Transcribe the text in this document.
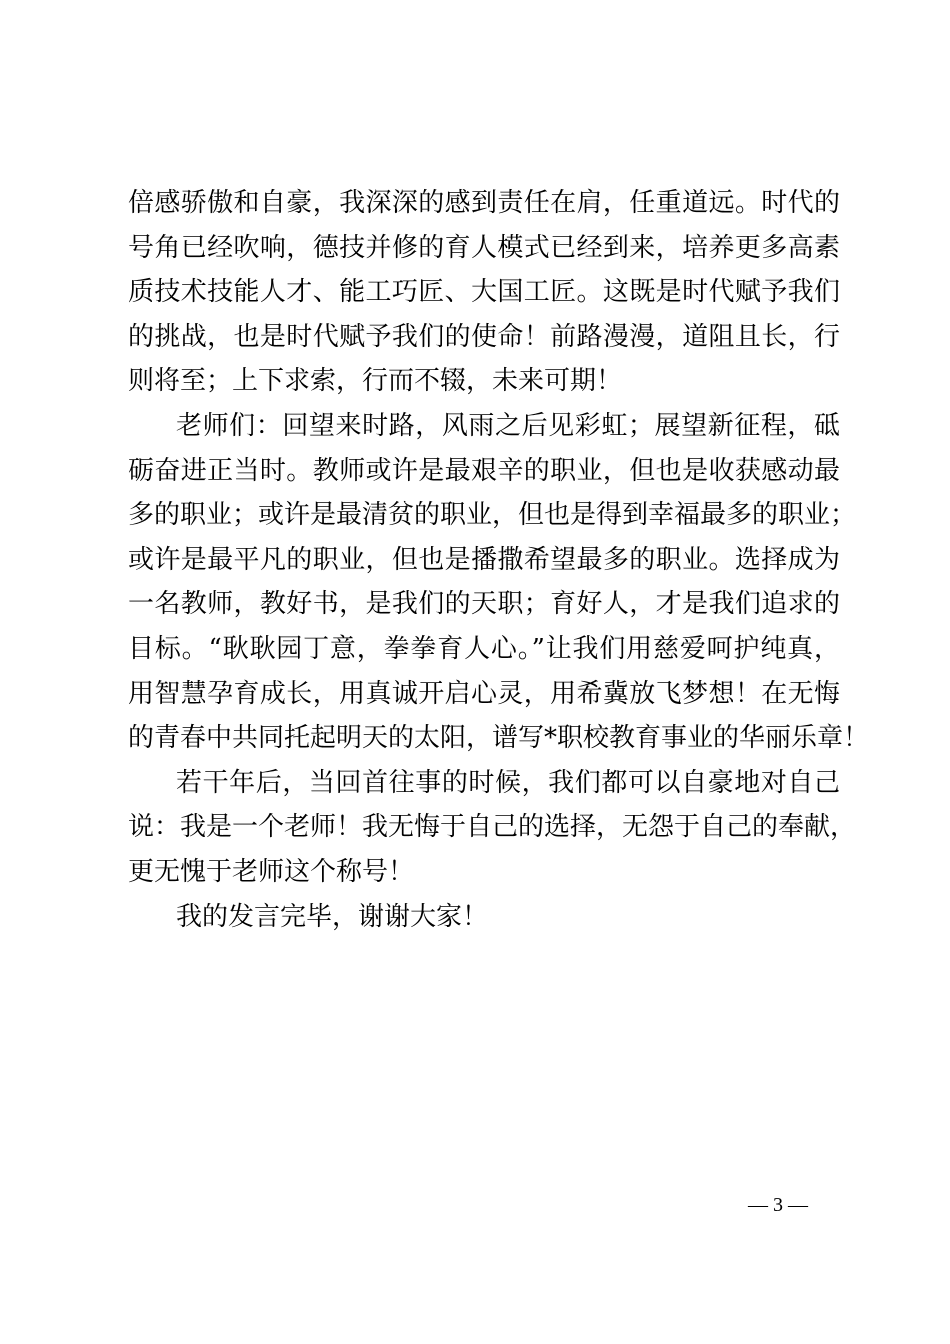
倍感骄傲和自豪，我深深的感到责任在肩，任重道远。时代的
号角已经吹响，德技并修的育人模式已经到来，培养更多高素
质技术技能人才、能工巧匠、大国工匠。这既是时代赋予我们
的挑战，也是时代赋予我们的使命！前路漫漫，道阻且长，行
则将至；上下求索，行而不辍，未来可期！
老师们：回望来时路，风雨之后见彩虹；展望新征程，砥
砺奋进正当时。教师或许是最艰辛的职业，但也是收获感动最
多的职业；或许是最清贫的职业，但也是得到幸福最多的职业；
或许是最平凡的职业，但也是播撒希望最多的职业。选择成为
一名教师，教好书，是我们的天职；育好人，才是我们追求的
目标。“耿耿园丁意，拳拳育人心。”让我们用慈爱呵护纯真，
用智慧孕育成长，用真诚开启心灵，用希冀放飞梦想！在无悔
的青春中共同托起明天的太阳，谱写*职校教育事业的华丽乐章！
若干年后，当回首往事的时候，我们都可以自豪地对自己
说：我是一个老师！我无悔于自己的选择，无怨于自己的奉献，
更无愧于老师这个称号！
我的发言完毕，谢谢大家！
— 3 —
